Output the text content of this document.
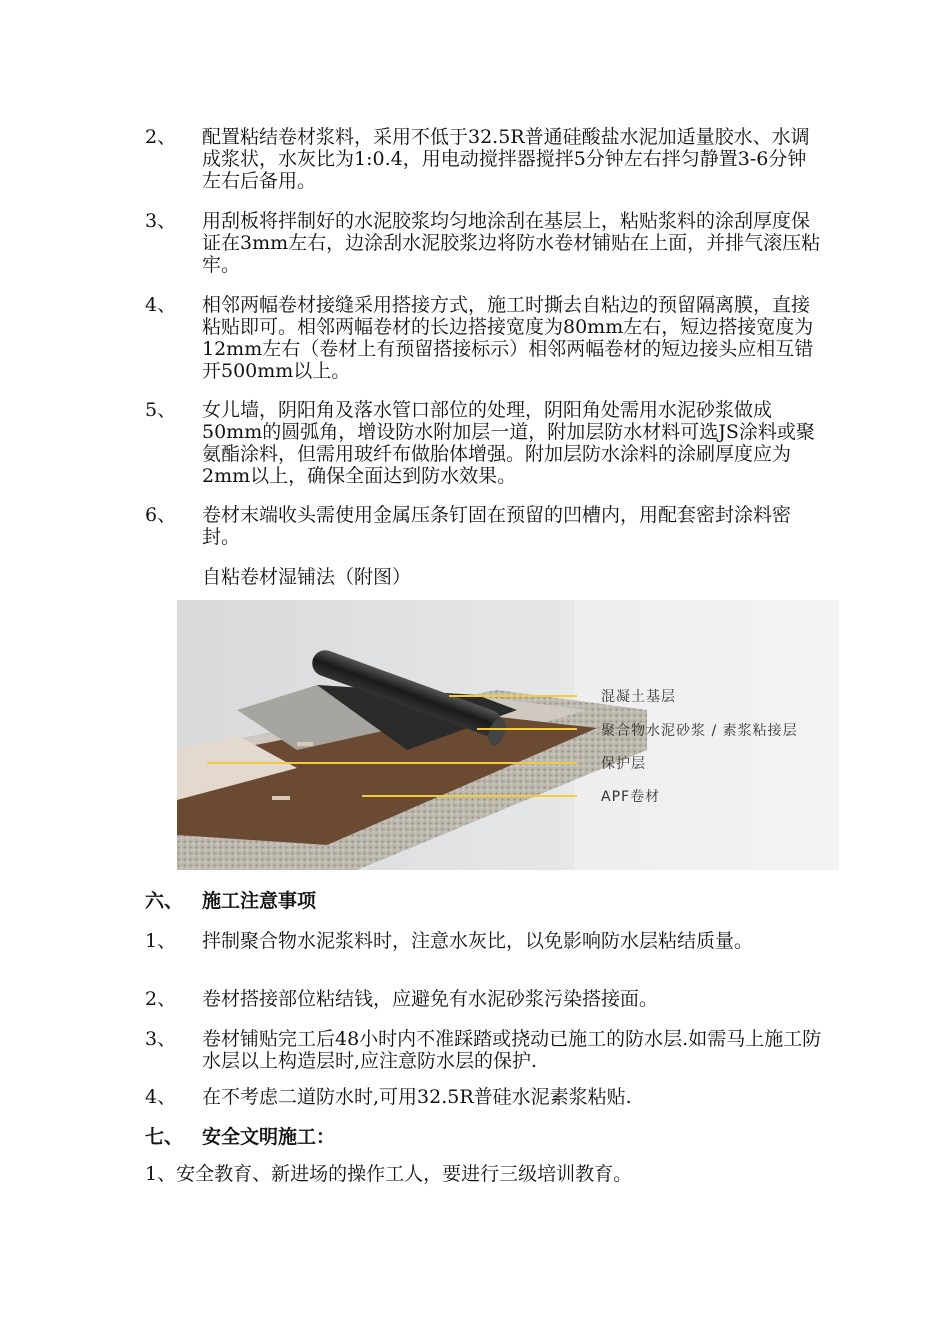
2、 配置粘结卷材浆料，采用不低于32.5R普通硅酸盐水泥加适量胶水、水调成浆状，水灰比为1:0.4，用电动搅拌器搅拌5分钟左右拌匀静置3-6分钟左右后备用。
3、 用刮板将拌制好的水泥胶浆均匀地涂刮在基层上，粘贴浆料的涂刮厚度保证在3mm左右，边涂刮水泥胶浆边将防水卷材铺贴在上面，并排气滚压粘牢。
4、 相邻两幅卷材接缝采用搭接方式，施工时撕去自粘边的预留隔离膜，直接粘贴即可。相邻两幅卷材的长边搭接宽度为80mm左右，短边搭接宽度为12mm左右（卷材上有预留搭接标示）相邻两幅卷材的短边接头应相互错开500mm以上。
5、 女儿墙，阴阳角及落水管口部位的处理，阴阳角处需用水泥砂浆做成50mm的圆弧角，增设防水附加层一道，附加层防水材料可选JS涂料或聚氨酯涂料，但需用玻纤布做胎体增强。附加层防水涂料的涂刷厚度应为2mm以上，确保全面达到防水效果。
6、 卷材末端收头需使用金属压条钉固在预留的凹槽内，用配套密封涂料密封。
自粘卷材湿铺法（附图）
混凝土基层
聚合物水泥砂浆 / 素浆粘接层
保护层
APF卷材
六、 施工注意事项
1、 拌制聚合物水泥浆料时，注意水灰比，以免影响防水层粘结质量。
2、 卷材搭接部位粘结钱，应避免有水泥砂浆污染搭接面。
3、 卷材铺贴完工后48小时内不准踩踏或挠动已施工的防水层.如需马上施工防水层以上构造层时,应注意防水层的保护.
4、 在不考虑二道防水时,可用32.5R普硅水泥素浆粘贴.
七、 安全文明施工：
1、安全教育、新进场的操作工人，要进行三级培训教育。
